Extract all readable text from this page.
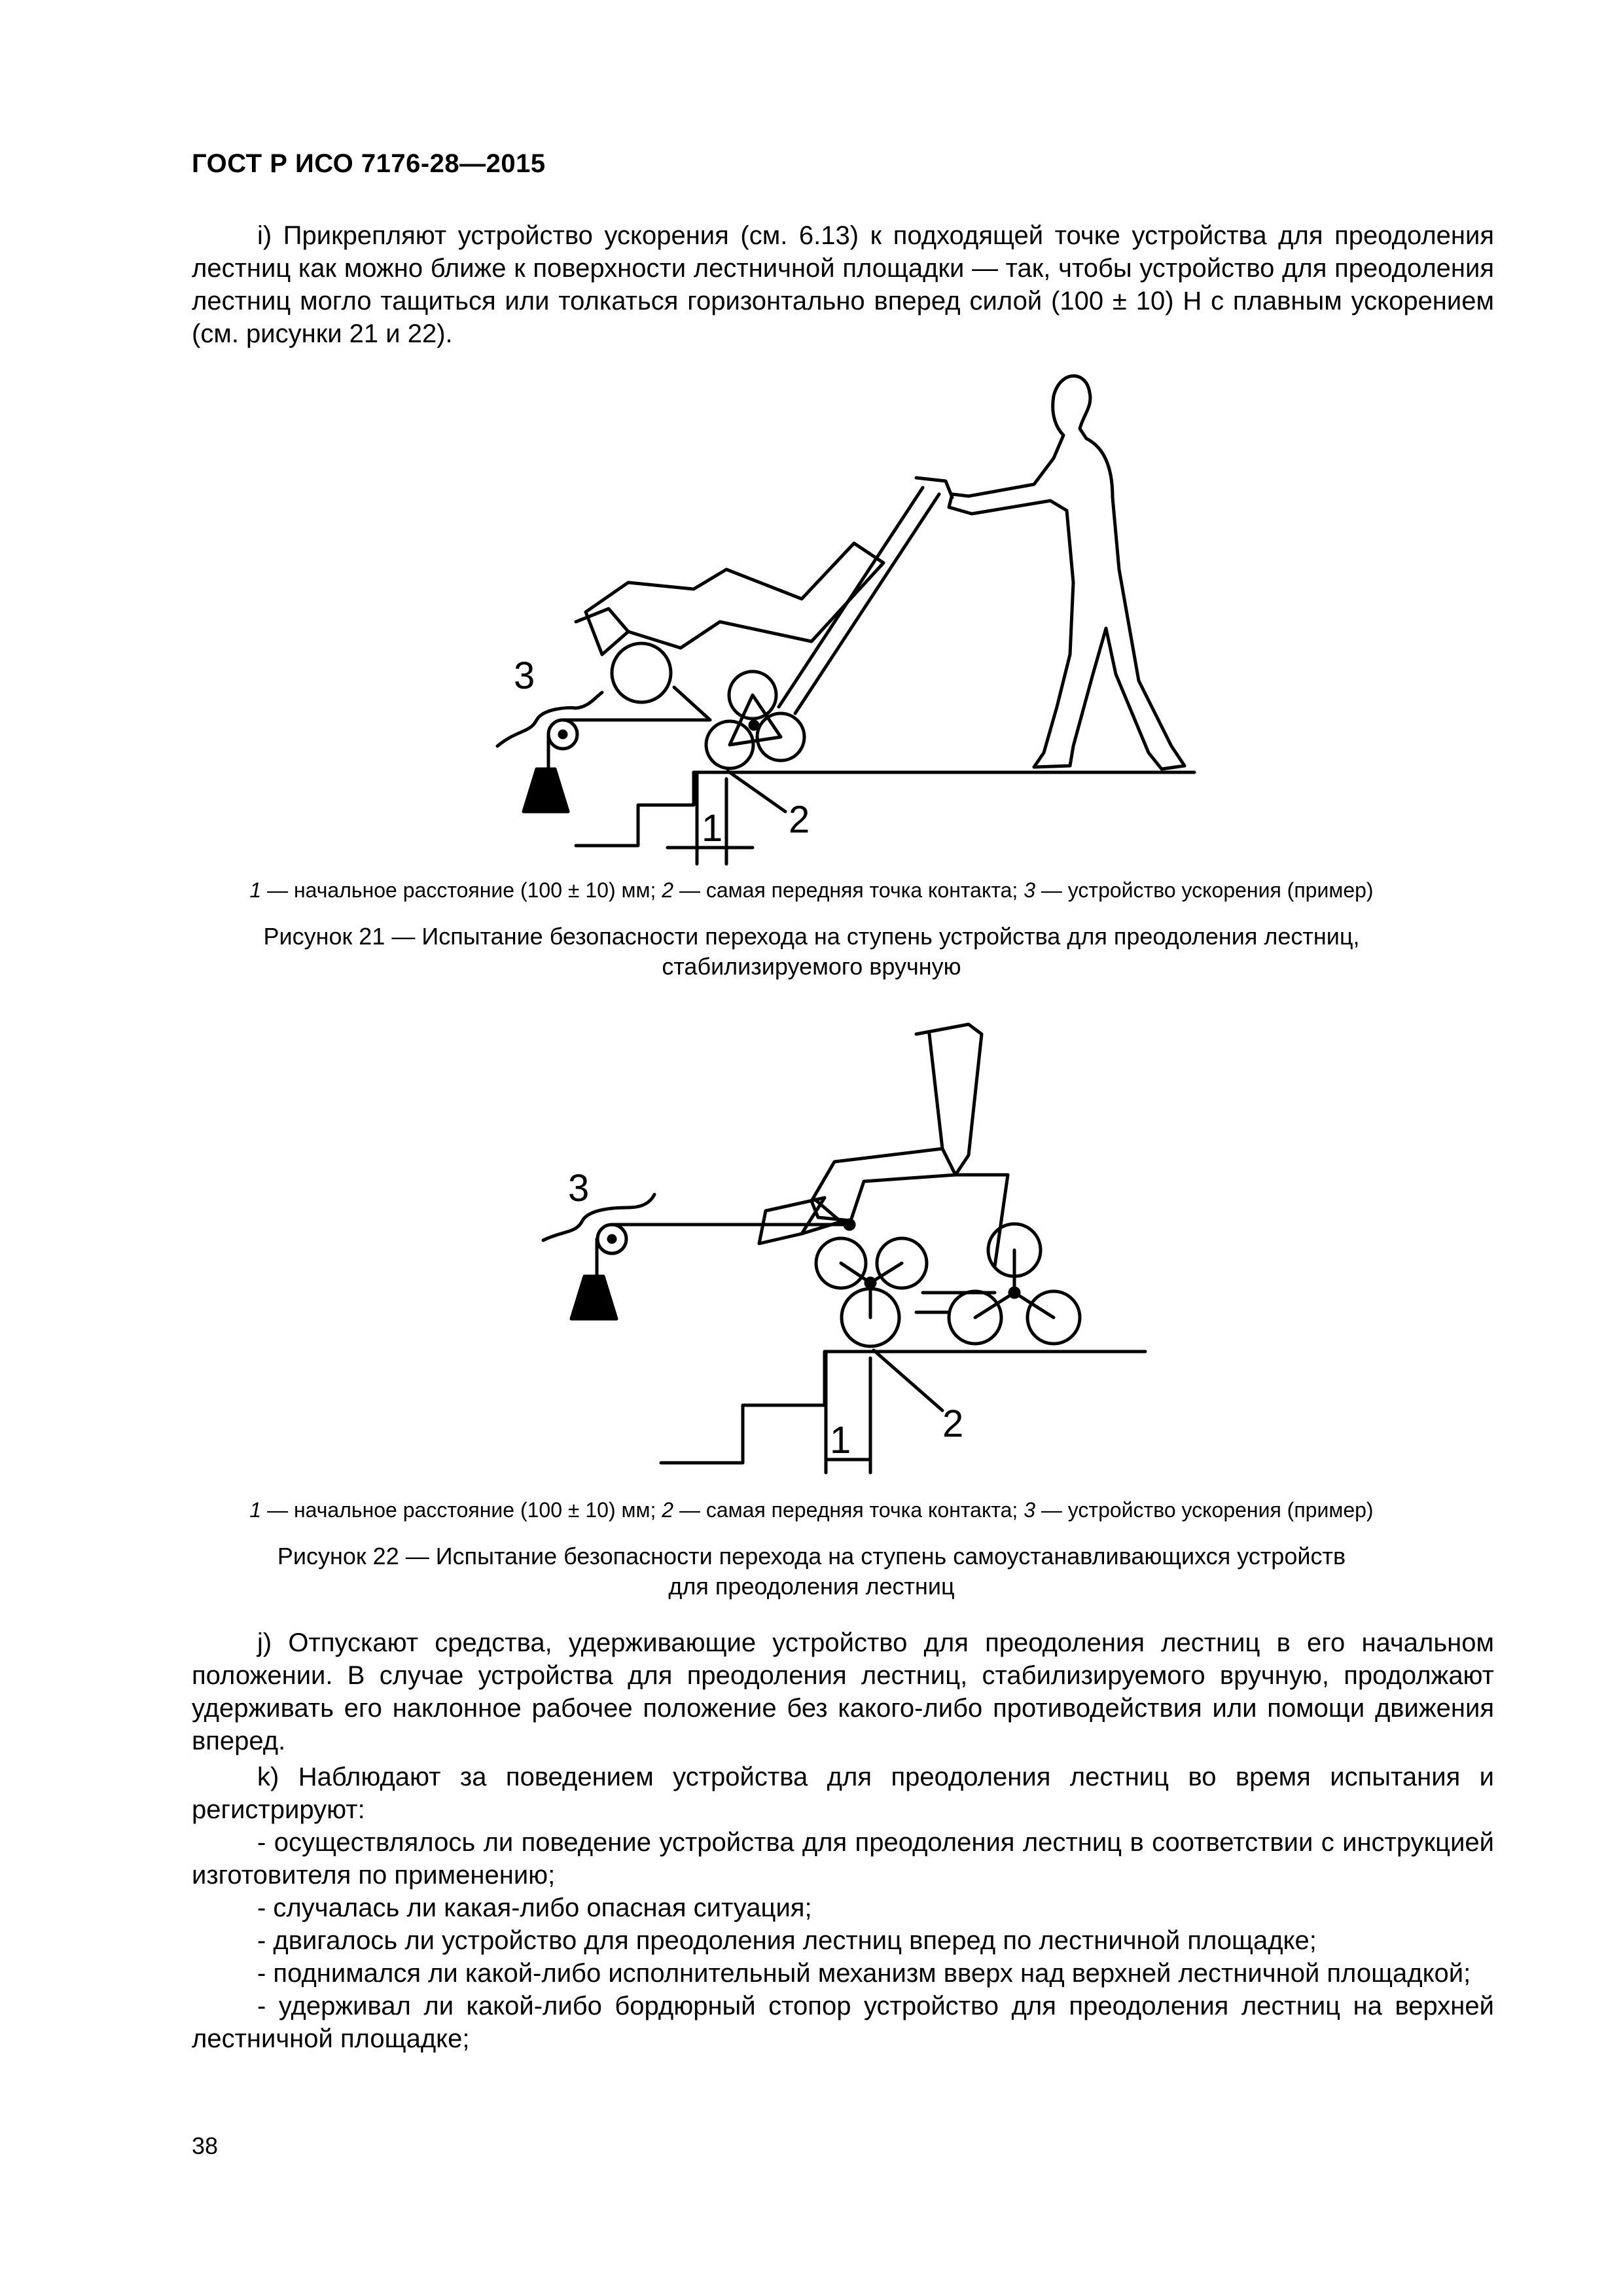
ГОСТ Р ИСО 7176-28—2015
i) Прикрепляют устройство ускорения (см. 6.13) к подходящей точке устройства для преодоления лестниц как можно ближе к поверхности лестничной площадки — так, чтобы устройство для преодоления лестниц могло тащиться или толкаться горизонтально вперед силой (100 ± 10) Н с плавным ускорением (см. рисунки 21 и 22).
1 2
3
1 — начальное расстояние (100 ± 10) мм; 2 — самая передняя точка контакта; 3 — устройство ускорения (пример)
Рисунок 21 — Испытание безопасности перехода на ступень устройства для преодоления лестниц,
стабилизируемого вручную
1 2
3
1 — начальное расстояние (100 ± 10) мм; 2 — самая передняя точка контакта; 3 — устройство ускорения (пример)
Рисунок 22 — Испытание безопасности перехода на ступень самоустанавливающихся устройств
для преодоления лестниц
j) Отпускают средства, удерживающие устройство для преодоления лестниц в его начальном положении. В случае устройства для преодоления лестниц, стабилизируемого вручную, продолжают удерживать его наклонное рабочее положение без какого-либо противодействия или помощи движения вперед.
k) Наблюдают за поведением устройства для преодоления лестниц во время испытания и регистрируют:
- осуществлялось ли поведение устройства для преодоления лестниц в соответствии с инструкцией изготовителя по применению;
- случалась ли какая-либо опасная ситуация;
- двигалось ли устройство для преодоления лестниц вперед по лестничной площадке;
- поднимался ли какой-либо исполнительный механизм вверх над верхней лестничной площадкой;
- удерживал ли какой-либо бордюрный стопор устройство для преодоления лестниц на верхней лестничной площадке;
38
